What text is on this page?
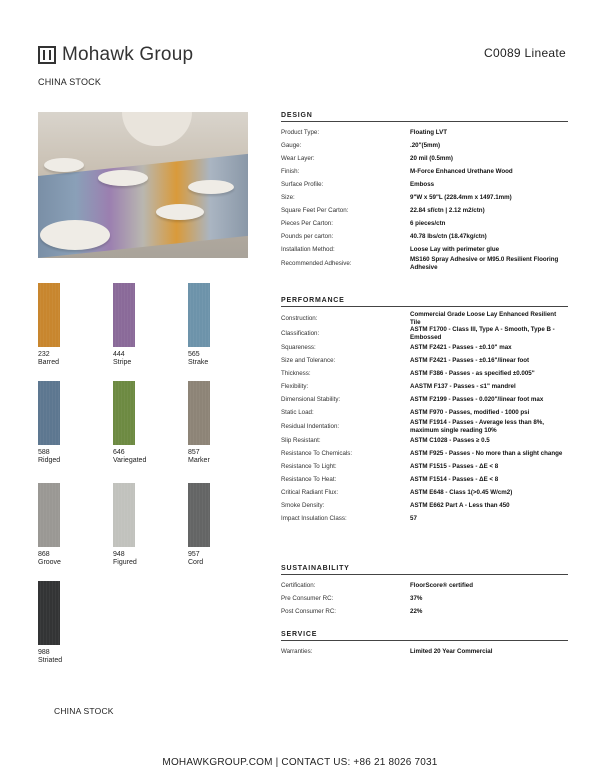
Mohawk Group	C0089 Lineate
CHINA STOCK
232
Barred
444
Stripe
565
Strake
588
Ridged
646
Variegated
857
Marker
868
Groove
948
Figured
957
Cord
988
Striated
DESIGN
Product Type:	Floating LVT
Gauge:	.20"(5mm)
Wear Layer:	20 mil (0.5mm)
Finish:	M-Force Enhanced Urethane Wood
Surface Profile:	Emboss
Size:	9"W x 59"L (228.4mm x 1497.1mm)
Square Feet Per Carton:	22.84 sf/ctn | 2.12 m2/ctn)
Pieces Per Carton:	6 pieces/ctn
Pounds per carton:	40.78 lbs/ctn (18.47kg/ctn)
Installation Method:	Loose Lay with perimeter glue
Recommended Adhesive:
MS160 Spray Adhesive or M95.0 Resilient Flooring Adhesive
PERFORMANCE
Construction:
Commercial Grade Loose Lay Enhanced Resilient Tile
Classification:
ASTM F1700 - Class III, Type A - Smooth, Type B - Embossed
Squareness:	ASTM F2421 - Passes - ±0.10" max
Size and Tolerance:	ASTM F2421 - Passes - ±0.16"/linear foot
Thickness:	ASTM F386 - Passes - as specified ±0.005"
Flexibility:	AASTM F137 - Passes - ≤1" mandrel
Dimensional Stability:	ASTM F2199 - Passes - 0.020"/linear foot max
Static Load:	ASTM F970 - Passes, modified - 1000 psi
Residual Indentation:
ASTM F1914 - Passes - Average less than 8%, maximum single reading 10%
Slip Resistant:	ASTM C1028 - Passes ≥ 0.5
Resistance To Chemicals:	ASTM F925 - Passes - No more than a slight change
Resistance To Light:	ASTM F1515 - Passes - ΔE < 8
Resistance To Heat:	ASTM F1514 - Passes - ΔE < 8
Critical Radiant Flux:	ASTM E648 - Class 1(>0.45 W/cm2)
Smoke Density:	ASTM E662 Part A - Less than 450
Impact Insulation Class:	57
SUSTAINABILITY
Certification:	FloorScore® certified
Pre Consumer RC:	37%
Post Consumer RC:	22%
SERVICE
Warranties:	Limited 20 Year Commercial
CHINA STOCK
MOHAWKGROUP.COM | CONTACT US: +86 21 8026 7031
